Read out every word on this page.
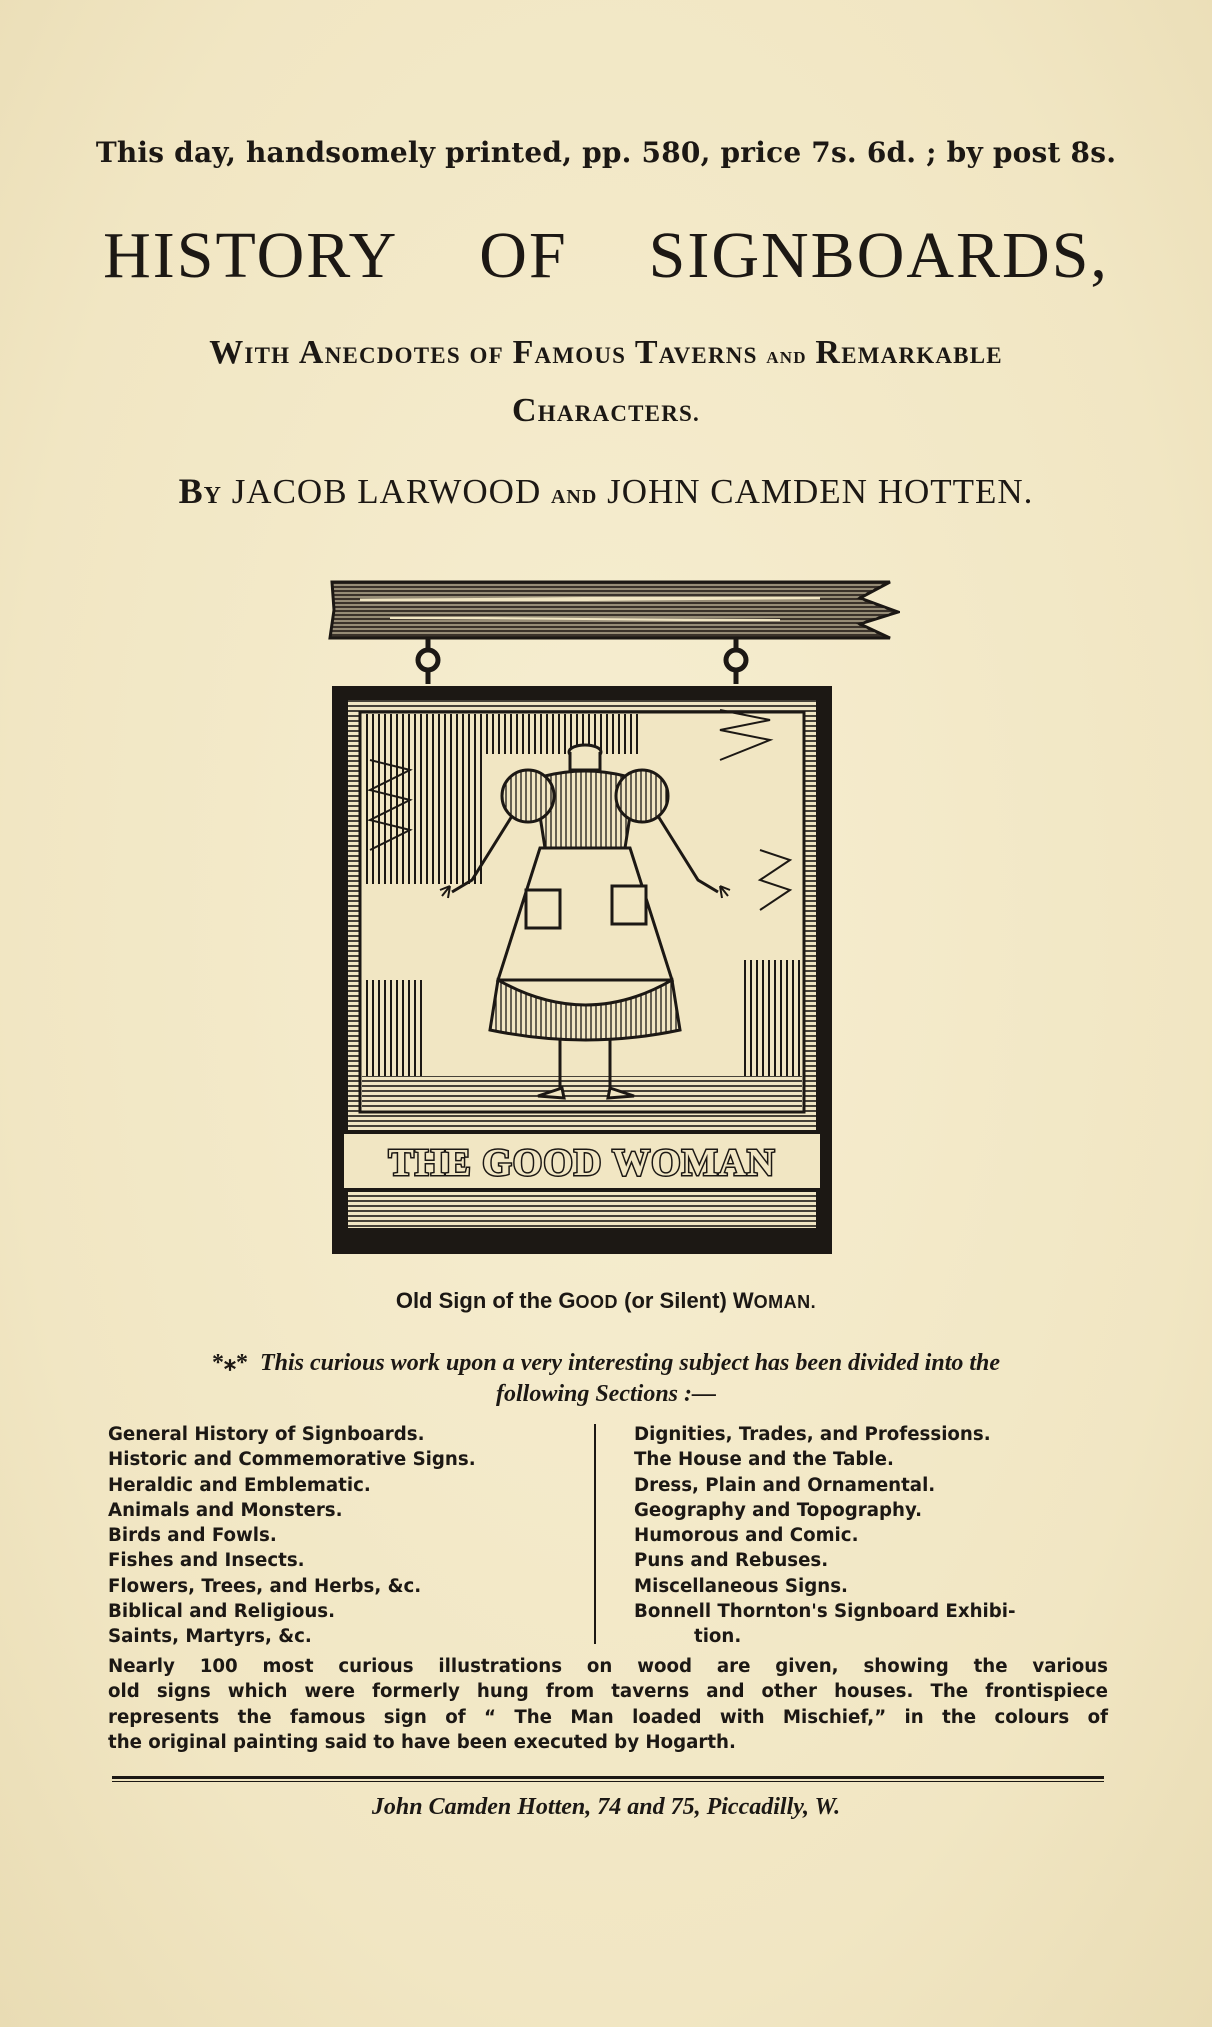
This day, handsomely printed, pp. 580, price 7s. 6d. ; by post 8s.
HISTORY OF SIGNBOARDS,
WITH ANECDOTES OF FAMOUS TAVERNS AND REMARKABLE
CHARACTERS.
BY JACOB LARWOOD AND JOHN CAMDEN HOTTEN.
THE GOOD WOMAN
Old Sign of the GOOD (or Silent) WOMAN.
*⁎* This curious work upon a very interesting subject has been divided into the
following Sections :—
General History of Signboards.
Historic and Commemorative Signs.
Heraldic and Emblematic.
Animals and Monsters.
Birds and Fowls.
Fishes and Insects.
Flowers, Trees, and Herbs, &c.
Biblical and Religious.
Saints, Martyrs, &c.
Dignities, Trades, and Professions.
The House and the Table.
Dress, Plain and Ornamental.
Geography and Topography.
Humorous and Comic.
Puns and Rebuses.
Miscellaneous Signs.
Bonnell Thornton's Signboard Exhibi-
tion.
Nearly 100 most curious illustrations on wood are given, showing the various
old signs which were formerly hung from taverns and other houses. The frontispiece
represents the famous sign of “ The Man loaded with Mischief,” in the colours of
the original painting said to have been executed by Hogarth.
John Camden Hotten, 74 and 75, Piccadilly, W.
